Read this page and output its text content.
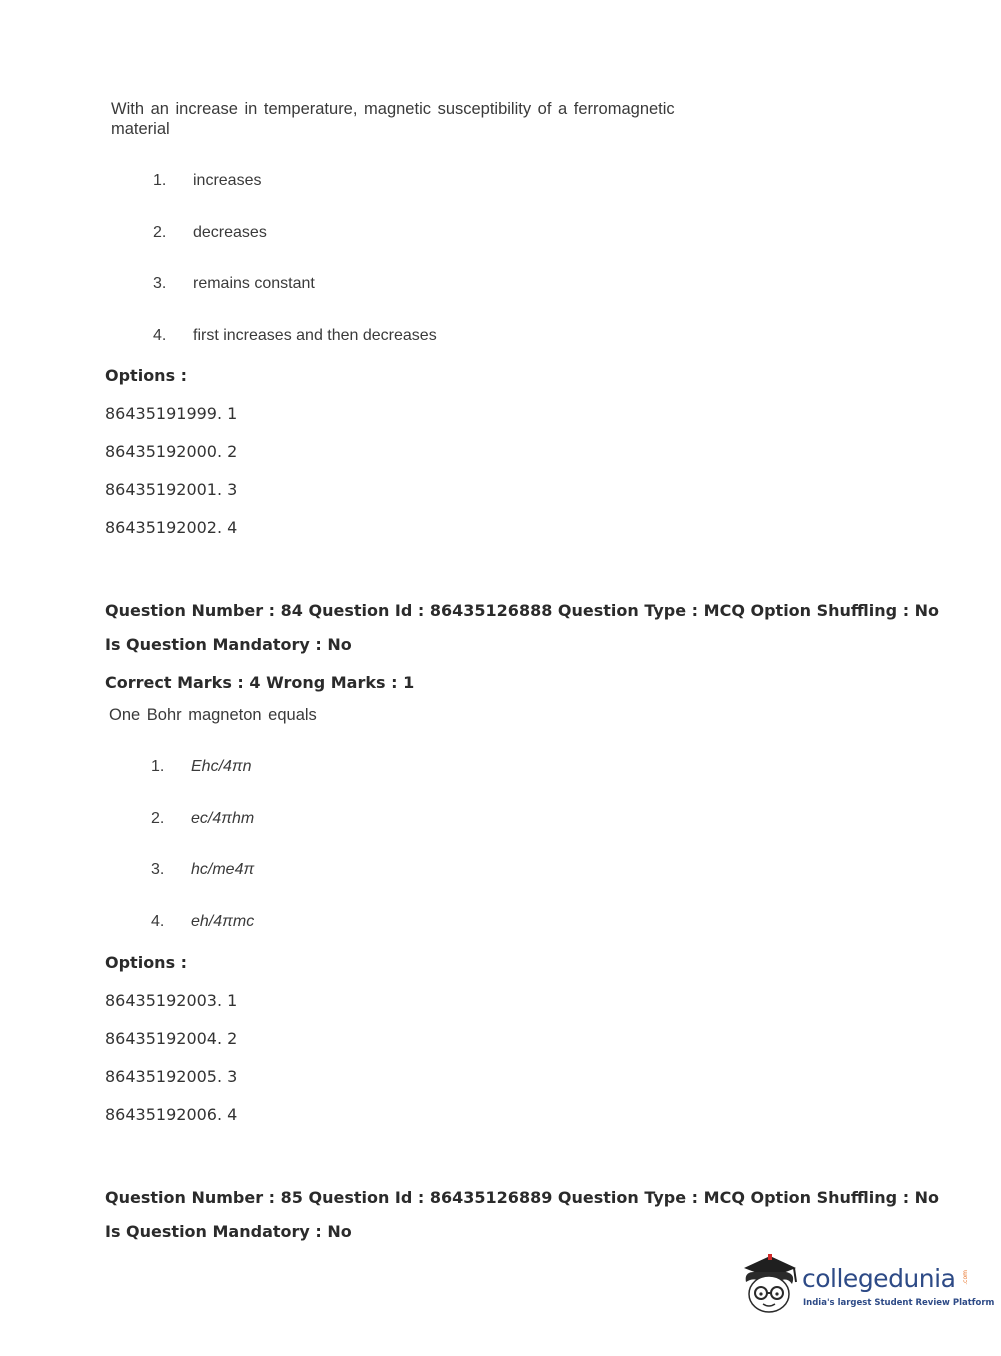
With an increase in temperature, magnetic susceptibility of a ferromagnetic
material
1. increases
2. decreases
3. remains constant
4. first increases and then decreases
Options :
86435191999. 1
86435192000. 2
86435192001. 3
86435192002. 4
Question Number : 84 Question Id : 86435126888 Question Type : MCQ Option Shuffling : No
Is Question Mandatory : No
Correct Marks : 4 Wrong Marks : 1
One Bohr magneton equals
1. Ehc/4πn
2. ec/4πhm
3. hc/me4π
4. eh/4πmc
Options :
86435192003. 1
86435192004. 2
86435192005. 3
86435192006. 4
Question Number : 85 Question Id : 86435126889 Question Type : MCQ Option Shuffling : No
Is Question Mandatory : No
collegedunia .com
India's largest Student Review Platform
